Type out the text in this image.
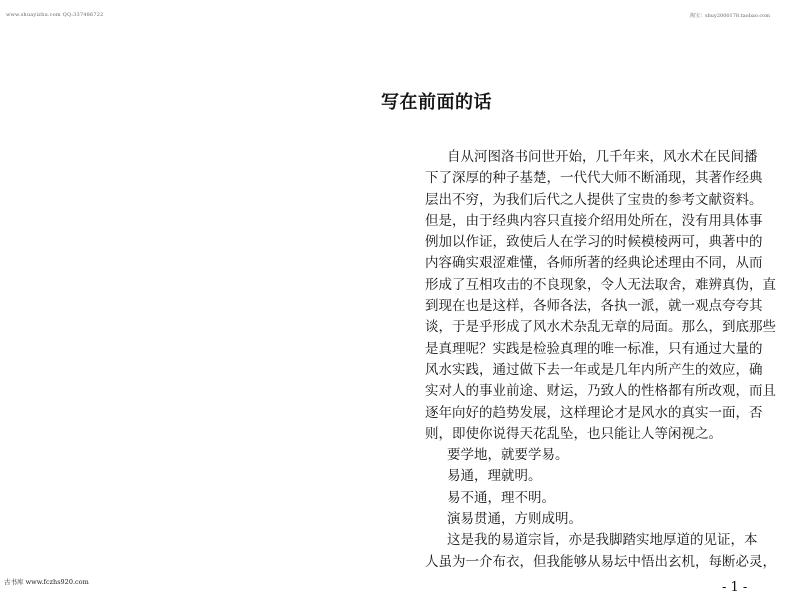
www.shuayizhu.com QQ:337486722	淘宝：shuy2000178.taobao.com
写在前面的话
自从河图洛书问世开始，几千年来，风水术在民间播
下了深厚的种子基楚，一代代大师不断涌现，其著作经典
层出不穷，为我们后代之人提供了宝贵的参考文献资料。
但是，由于经典内容只直接介绍用处所在，没有用具体事
例加以作证，致使后人在学习的时候模棱两可，典著中的
内容确实艰涩难懂，各师所著的经典论述理由不同，从而
形成了互相攻击的不良现象，令人无法取舍，难辨真伪，直
到现在也是这样，各师各法，各执一派，就一观点夸夸其
谈，于是乎形成了风水术杂乱无章的局面。那么，到底那些
是真理呢？实践是检验真理的唯一标准，只有通过大量的
风水实践，通过做下去一年或是几年内所产生的效应，确
实对人的事业前途、财运，乃致人的性格都有所改观，而且
逐年向好的趋势发展，这样理论才是风水的真实一面，否
则，即使你说得天花乱坠，也只能让人等闲视之。
要学地，就要学易。
易通，理就明。
易不通，理不明。
演易贯通，方则成明。
这是我的易道宗旨，亦是我脚踏实地厚道的见证，本
人虽为一介布衣，但我能够从易坛中悟出玄机，每断必灵，
古书库 www.fczhs920.com	- 1 -
